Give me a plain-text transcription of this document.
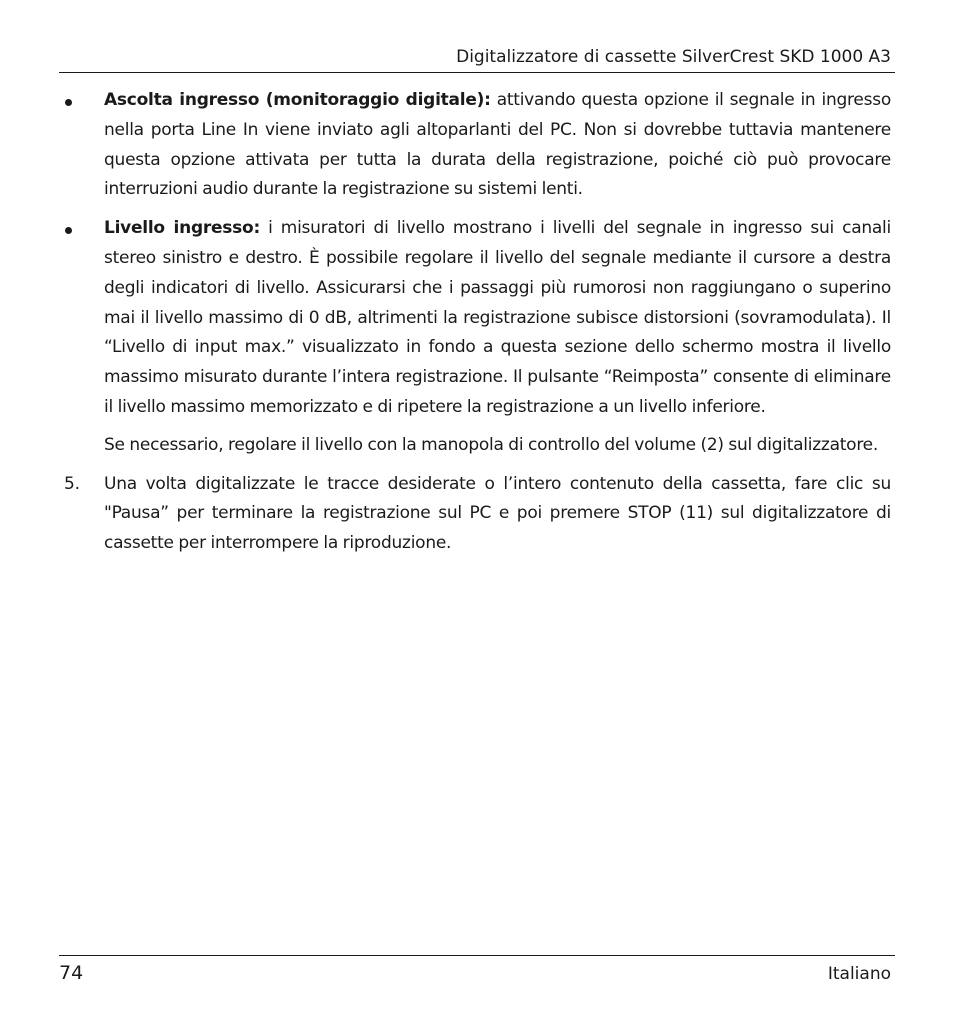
Digitalizzatore di cassette SilverCrest SKD 1000 A3

Ascolta ingresso (monitoraggio digitale): attivando questa opzione il segnale in ingresso nella porta Line In viene inviato agli altoparlanti del PC. Non si dovrebbe tuttavia mantenere questa opzione attivata per tutta la durata della registrazione, poiché ciò può provocare interruzioni audio durante la registrazione su sistemi lenti.

Livello ingresso: i misuratori di livello mostrano i livelli del segnale in ingresso sui canali stereo sinistro e destro. È possibile regolare il livello del segnale mediante il cursore a destra degli indicatori di livello. Assicurarsi che i passaggi più rumorosi non raggiungano o superino mai il livello massimo di 0 dB, altrimenti la registrazione subisce distorsioni (sovramodulata). Il “Livello di input max.” visualizzato in fondo a questa sezione dello schermo mostra il livello massimo misurato durante l’intera registrazione. Il pulsante “Reimposta” consente di eliminare il livello massimo memorizzato e di ripetere la registrazione a un livello inferiore.

Se necessario, regolare il livello con la manopola di controllo del volume (2) sul digitalizzatore.

5. Una volta digitalizzate le tracce desiderate o l’intero contenuto della cassetta, fare clic su "Pausa” per terminare la registrazione sul PC e poi premere STOP (11) sul digitalizzatore di cassette per interrompere la riproduzione.

74	Italiano
